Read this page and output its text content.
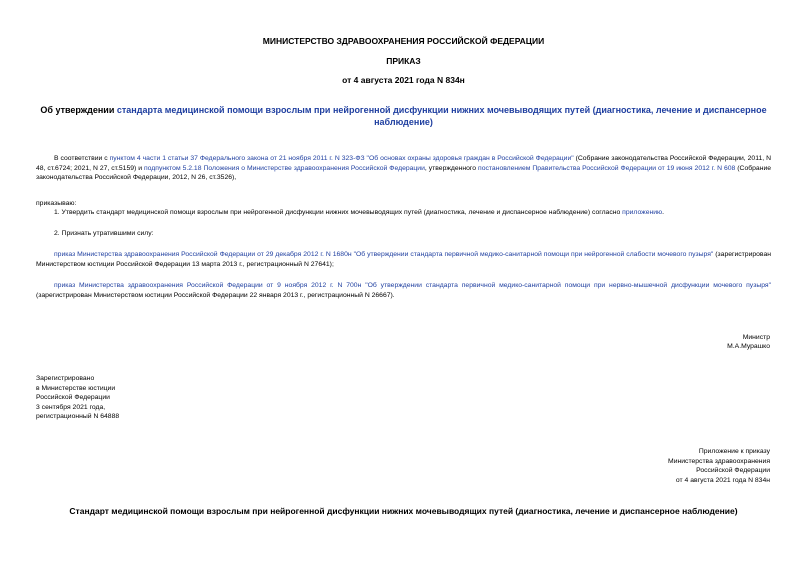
МИНИСТЕРСТВО ЗДРАВООХРАНЕНИЯ РОССИЙСКОЙ ФЕДЕРАЦИИ
ПРИКАЗ
от 4 августа 2021 года N 834н
Об утверждении стандарта медицинской помощи взрослым при нейрогенной дисфункции нижних мочевыводящих путей (диагностика, лечение и диспансерное наблюдение)
В соответствии с пунктом 4 части 1 статьи 37 Федерального закона от 21 ноября 2011 г. N 323-ФЗ "Об основах охраны здоровья граждан в Российской Федерации" (Собрание законодательства Российской Федерации, 2011, N 48, ст.6724; 2021, N 27, ст.5159) и подпунктом 5.2.18 Положения о Министерстве здравоохранения Российской Федерации, утвержденного постановлением Правительства Российской Федерации от 19 июня 2012 г. N 608 (Собрание законодательства Российской Федерации, 2012, N 26, ст.3526),
приказываю:
1. Утвердить стандарт медицинской помощи взрослым при нейрогенной дисфункции нижних мочевыводящих путей (диагностика, лечение и диспансерное наблюдение) согласно приложению.
2. Признать утратившими силу:
приказ Министерства здравоохранения Российской Федерации от 29 декабря 2012 г. N 1680н "Об утверждении стандарта первичной медико-санитарной помощи при нейрогенной слабости мочевого пузыря" (зарегистрирован Министерством юстиции Российской Федерации 13 марта 2013 г., регистрационный N 27641);
приказ Министерства здравоохранения Российской Федерации от 9 ноября 2012 г. N 700н "Об утверждении стандарта первичной медико-санитарной помощи при нервно-мышечной дисфункции мочевого пузыря" (зарегистрирован Министерством юстиции Российской Федерации 22 января 2013 г., регистрационный N 26667).
Министр
М.А.Мурашко
Зарегистрировано
в Министерстве юстиции
Российской Федерации
3 сентября 2021 года,
регистрационный N 64888
Приложение к приказу
Министерства здравоохранения
Российской Федерации
от 4 августа 2021 года N 834н
Стандарт медицинской помощи взрослым при нейрогенной дисфункции нижних мочевыводящих путей (диагностика, лечение и диспансерное наблюдение)
